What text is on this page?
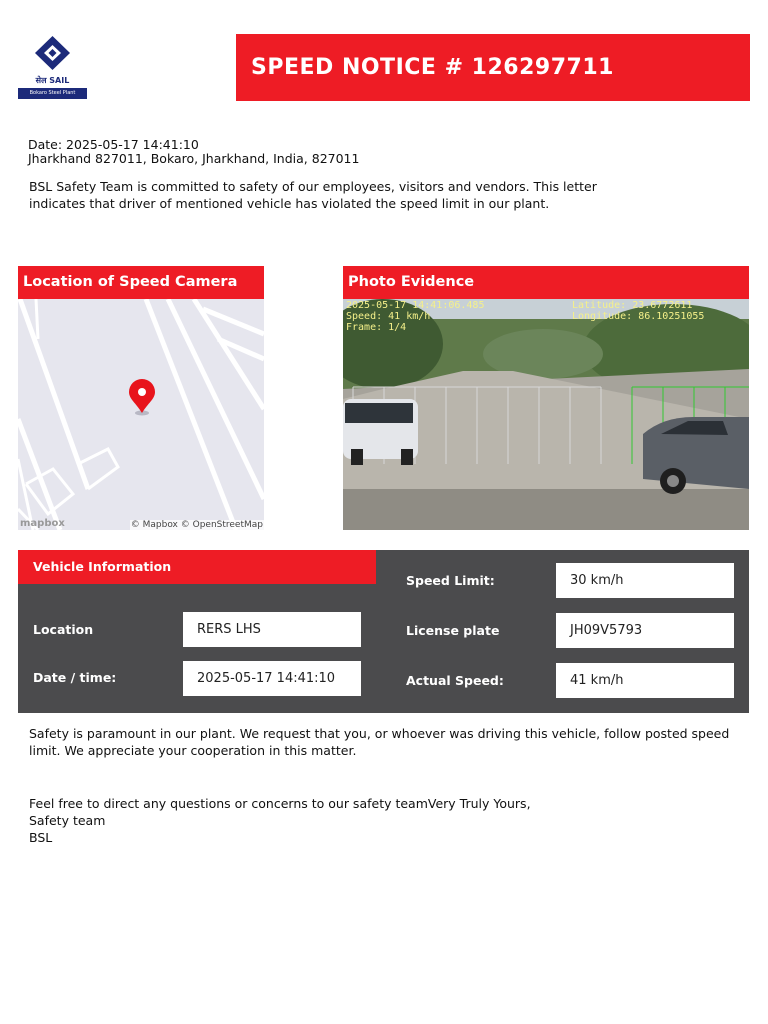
सेल SAIL
Bokaro Steel Plant
SPEED NOTICE # 126297711
Date: 2025-05-17 14:41:10
Jharkhand 827011, Bokaro, Jharkhand, India, 827011
BSL Safety Team is committed to safety of our employees, visitors and vendors. This letter indicates that driver of mentioned vehicle has violated the speed limit in our plant.
Location of Speed Camera
mapbox	© Mapbox © OpenStreetMap
Photo Evidence
2025-05-17 14:41:06.485
Speed: 41 km/h
Frame: 1/4
Latitude: 23.6772611
Longitude: 86.10251055
Vehicle Information
Location	RERS LHS
Date / time:	2025-05-17 14:41:10
Speed Limit:	30 km/h
License plate	JH09V5793
Actual Speed:	41 km/h
Safety is paramount in our plant. We request that you, or whoever was driving this vehicle, follow posted speed limit. We appreciate your cooperation in this matter.
Feel free to direct any questions or concerns to our safety teamVery Truly Yours,
Safety team
BSL
